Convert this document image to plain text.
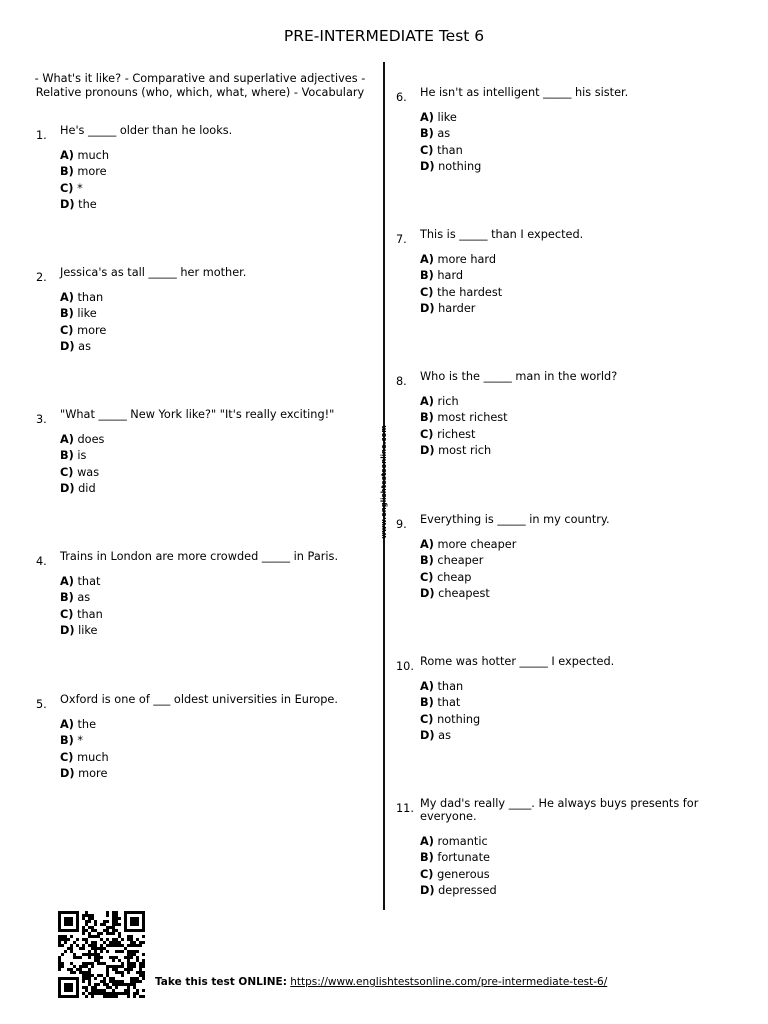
PRE-INTERMEDIATE Test 6
- What's it like? - Comparative and superlative adjectives -
Relative pronouns (who, which, what, where) - Vocabulary
www.englishtestsonline.com
1.	He's _____ older than he looks.
A) much
B) more
C) *
D) the
2.	Jessica's as tall _____ her mother.
A) than
B) like
C) more
D) as
3.	"What _____ New York like?" "It's really exciting!"
A) does
B) is
C) was
D) did
4.	Trains in London are more crowded _____ in Paris.
A) that
B) as
C) than
D) like
5.	Oxford is one of ___ oldest universities in Europe.
A) the
B) *
C) much
D) more
6.	He isn't as intelligent _____ his sister.
A) like
B) as
C) than
D) nothing
7.	This is _____ than I expected.
A) more hard
B) hard
C) the hardest
D) harder
8.	Who is the _____ man in the world?
A) rich
B) most richest
C) richest
D) most rich
9.	Everything is _____ in my country.
A) more cheaper
B) cheaper
C) cheap
D) cheapest
10. Rome was hotter _____ I expected.
A) than
B) that
C) nothing
D) as
11. My dad's really ____. He always buys presents for everyone.
A) romantic
B) fortunate
C) generous
D) depressed
Take this test ONLINE: https://www.englishtestsonline.com/pre-intermediate-test-6/
